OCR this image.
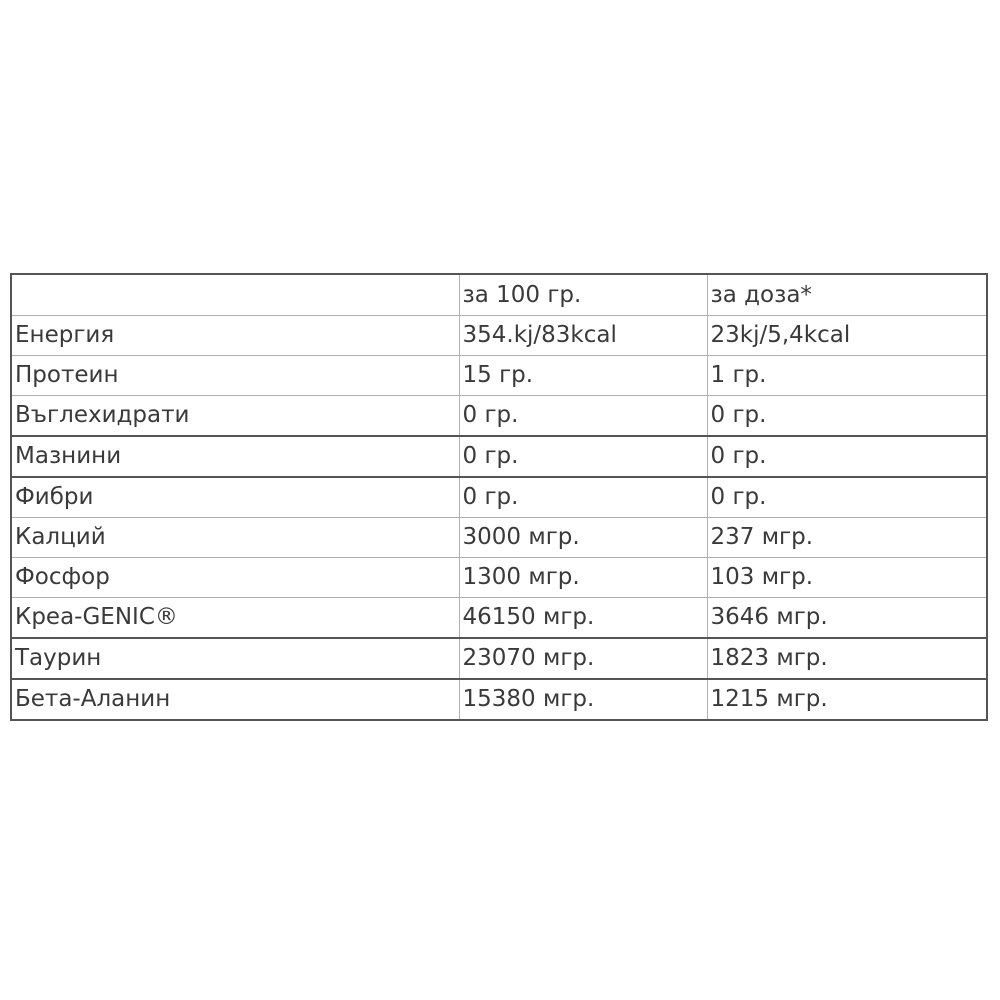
	за 100 гр.	за доза*
Енергия	354.kj/83kcal	23kj/5,4kcal
Протеин	15 гр.	1 гр.
Въглехидрати	0 гр.	0 гр.
Мазнини	0 гр.	0 гр.
Фибри	0 гр.	0 гр.
Калций	3000 мгр.	237 мгр.
Фосфор	1300 мгр.	103 мгр.
Креа-GENIC®	46150 мгр.	3646 мгр.
Таурин	23070 мгр.	1823 мгр.
Бета-Аланин	15380 мгр.	1215 мгр.
